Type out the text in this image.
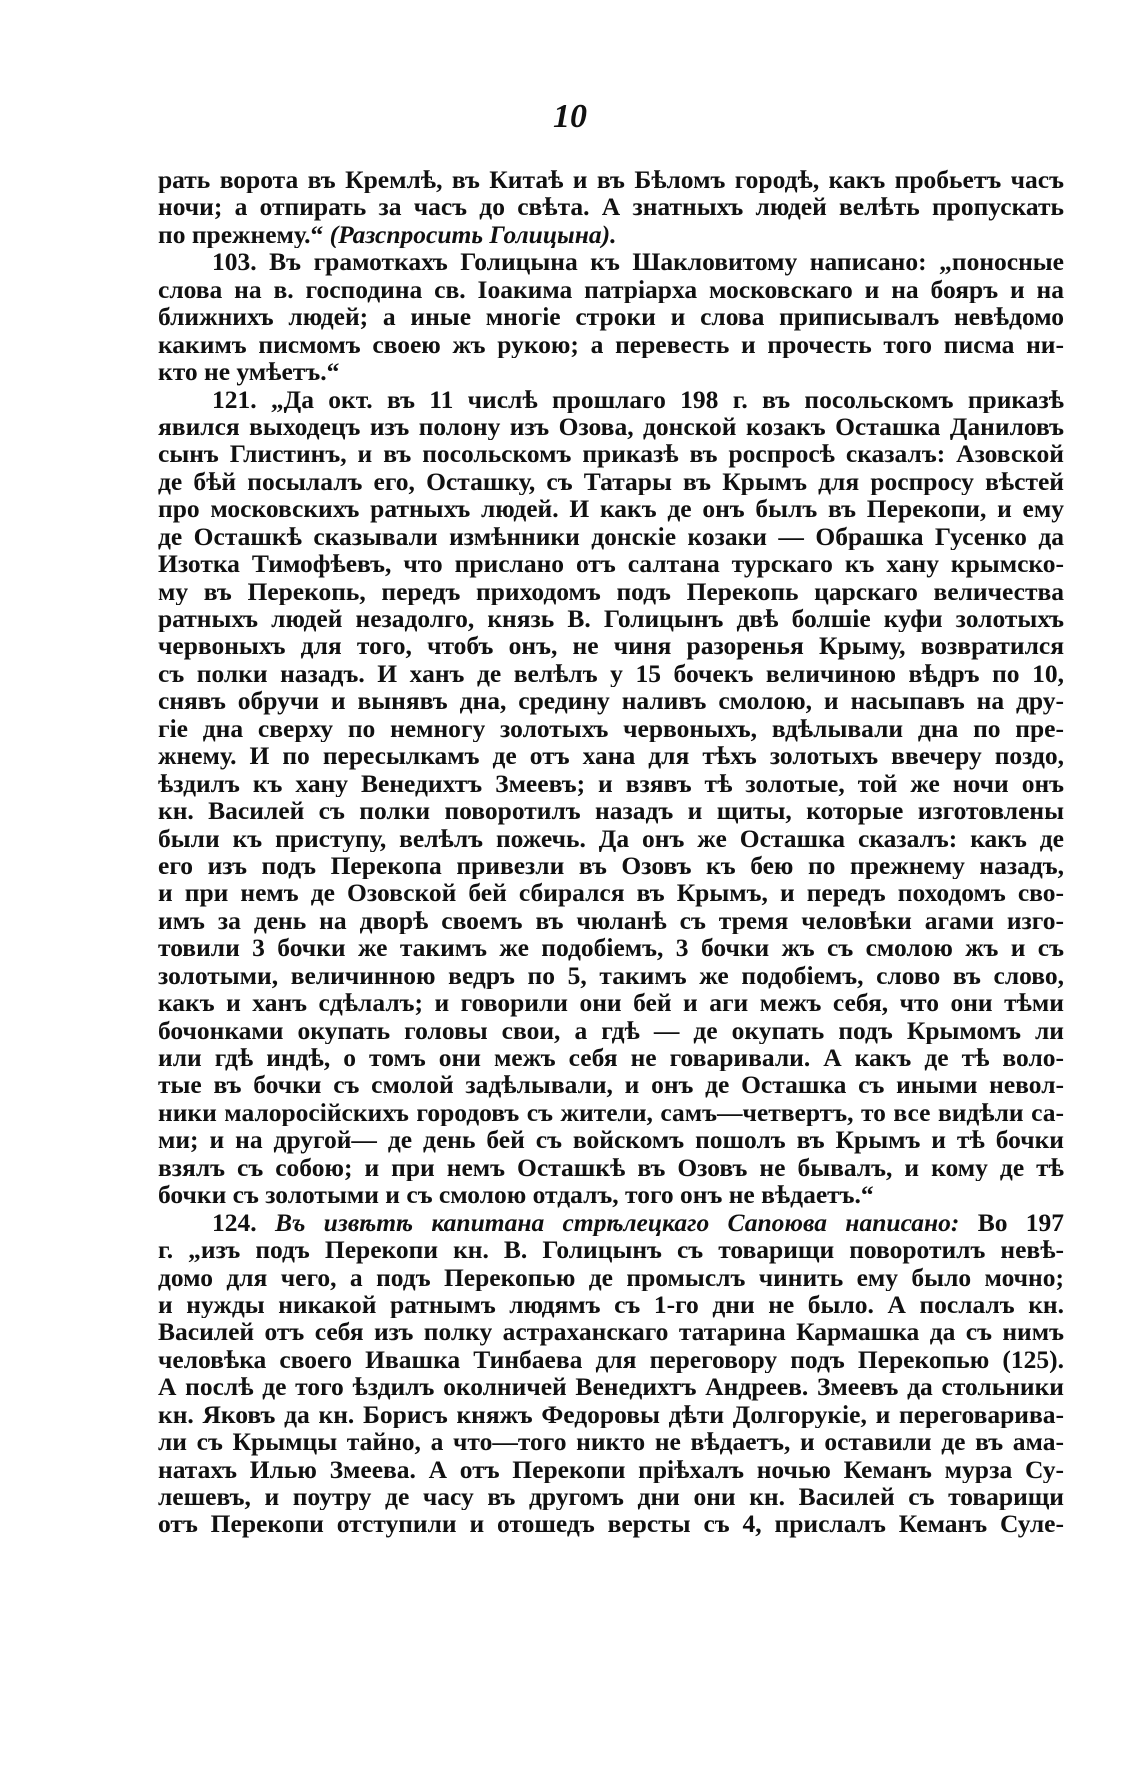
10
рать ворота въ Кремлѣ, въ Китаѣ и въ Бѣломъ городѣ, какъ пробьетъ часъ
ночи; а отпирать за часъ до свѣта. А знатныхъ людей велѣть пропускать
по прежнему.“ (Разспросить Голицына).
103. Въ грамоткахъ Голицына къ Шакловитому написано: „поносные
слова на в. господина св. Іоакима патріарха московскаго и на бояръ и на
ближнихъ людей; а иные многіе строки и слова приписывалъ невѣдомо
какимъ писмомъ своею жъ рукою; а перевесть и прочесть того писма ни-
кто не умѣетъ.“
121. „Да окт. въ 11 числѣ прошлаго 198 г. въ посольскомъ приказѣ
явился выходецъ изъ полону изъ Озова, донской козакъ Осташка Даниловъ
сынъ Глистинъ, и въ посольскомъ приказѣ въ роспросѣ сказалъ: Азовской
де бѣй посылалъ его, Осташку, съ Татары въ Крымъ для роспросу вѣстей
про московскихъ ратныхъ людей. И какъ де онъ былъ въ Перекопи, и ему
де Осташкѣ сказывали измѣнники донскіе козаки — Обрашка Гусенко да
Изотка Тимофѣевъ, что прислано отъ салтана турскаго къ хану крымско-
му въ Перекопь, передъ приходомъ подъ Перекопь царскаго величества
ратныхъ людей незадолго, князь В. Голицынъ двѣ болшіе куфи золотыхъ
червоныхъ для того, чтобъ онъ, не чиня разоренья Крыму, возвратился
съ полки назадъ. И ханъ де велѣлъ у 15 бочекъ величиною вѣдръ по 10,
снявъ обручи и вынявъ дна, средину наливъ смолою, и насыпавъ на дру-
гіе дна сверху по немногу золотыхъ червоныхъ, вдѣлывали дна по пре-
жнему. И по пересылкамъ де отъ хана для тѣхъ золотыхъ ввечеру поздо,
ѣздилъ къ хану Венедихтъ Змеевъ; и взявъ тѣ золотые, той же ночи онъ
кн. Василей съ полки поворотилъ назадъ и щиты, которые изготовлены
были къ приступу, велѣлъ пожечь. Да онъ же Осташка сказалъ: какъ де
его изъ подъ Перекопа привезли въ Озовъ къ бею по прежнему назадъ,
и при немъ де Озовской бей сбирался въ Крымъ, и передъ походомъ сво-
имъ за день на дворѣ своемъ въ чюланѣ съ тремя человѣки агами изго-
товили 3 бочки же такимъ же подобіемъ, 3 бочки жъ съ смолою жъ и съ
золотыми, величинною ведръ по 5, такимъ же подобіемъ, слово въ слово,
какъ и ханъ сдѣлалъ; и говорили они бей и аги межъ себя, что они тѣми
бочонками окупать головы свои, а гдѣ — де окупать подъ Крымомъ ли
или гдѣ индѣ, о томъ они межъ себя не говаривали. А какъ де тѣ воло-
тые въ бочки съ смолой задѣлывали, и онъ де Осташка съ иными невол-
ники малоросійскихъ городовъ съ жители, самъ—четвертъ, то все видѣли са-
ми; и на другой— де день бей съ войскомъ пошолъ въ Крымъ и тѣ бочки
взялъ съ собою; и при немъ Осташкѣ въ Озовъ не бывалъ, и кому де тѣ
бочки съ золотыми и съ смолою отдалъ, того онъ не вѣдаетъ.“
124. Въ извѣтѣ капитана стрѣлецкаго Сапоюва написано: Во 197
г. „изъ подъ Перекопи кн. В. Голицынъ съ товарищи поворотилъ невѣ-
домо для чего, а подъ Перекопью де промыслъ чинить ему было мочно;
и нужды никакой ратнымъ людямъ съ 1-го дни не было. А послалъ кн.
Василей отъ себя изъ полку астраханскаго татарина Кармашка да съ нимъ
человѣка своего Ивашка Тинбаева для переговору подъ Перекопью (125).
А послѣ де того ѣздилъ околничей Венедихтъ Андреев. Змеевъ да стольники
кн. Яковъ да кн. Борисъ княжъ Федоровы дѣти Долгорукіе, и переговарива-
ли съ Крымцы тайно, а что—того никто не вѣдаетъ, и оставили де въ ама-
натахъ Илью Змеева. А отъ Перекопи пріѣхалъ ночью Кеманъ мурза Су-
лешевъ, и поутру де часу въ другомъ дни они кн. Василей съ товарищи
отъ Перекопи отступили и отошедъ версты съ 4, прислалъ Кеманъ Суле-
